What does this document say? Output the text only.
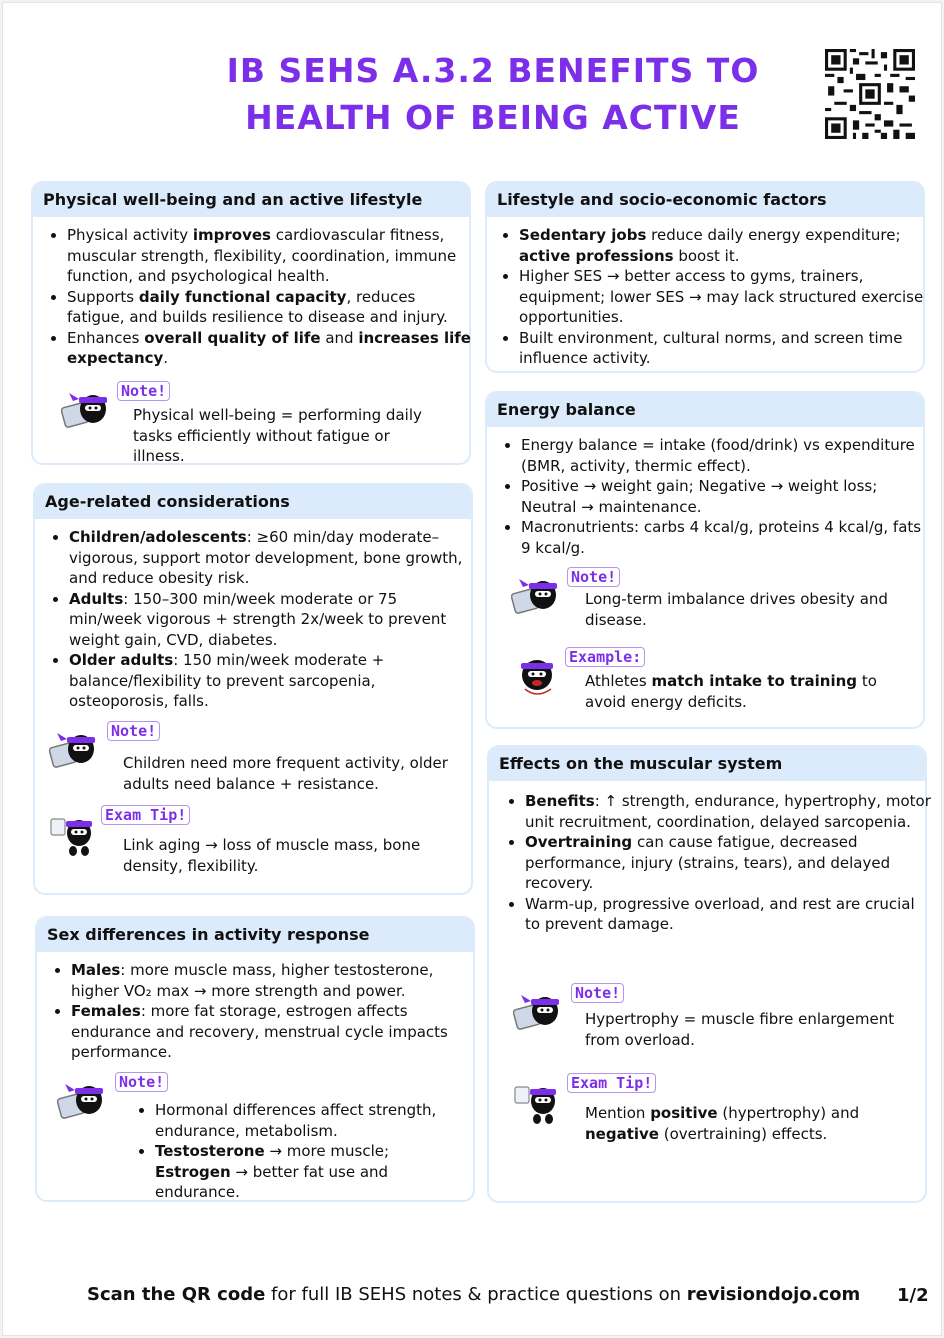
IB SEHS A.3.2 BENEFITS TO
HEALTH OF BEING ACTIVE
Physical well-being and an active lifestyle
• Physical activity improves cardiovascular fitness, muscular strength, flexibility, coordination, immune function, and psychological health.
• Supports daily functional capacity, reduces fatigue, and builds resilience to disease and injury.
• Enhances overall quality of life and increases life expectancy.
Note!
Physical well-being = performing daily tasks efficiently without fatigue or illness.
Age-related considerations
• Children/adolescents: ≥60 min/day moderate–vigorous, support motor development, bone growth, and reduce obesity risk.
• Adults: 150–300 min/week moderate or 75 min/week vigorous + strength 2x/week to prevent weight gain, CVD, diabetes.
• Older adults: 150 min/week moderate + balance/flexibility to prevent sarcopenia, osteoporosis, falls.
Note!
Children need more frequent activity, older adults need balance + resistance.
Exam Tip!
Link aging → loss of muscle mass, bone density, flexibility.
Sex differences in activity response
• Males: more muscle mass, higher testosterone, higher VO₂ max → more strength and power.
• Females: more fat storage, estrogen affects endurance and recovery, menstrual cycle impacts performance.
Note!
• Hormonal differences affect strength, endurance, metabolism.
• Testosterone → more muscle; Estrogen → better fat use and endurance.
Lifestyle and socio-economic factors
• Sedentary jobs reduce daily energy expenditure; active professions boost it.
• Higher SES → better access to gyms, trainers, equipment; lower SES → may lack structured exercise opportunities.
• Built environment, cultural norms, and screen time influence activity.
Energy balance
• Energy balance = intake (food/drink) vs expenditure (BMR, activity, thermic effect).
• Positive → weight gain; Negative → weight loss; Neutral → maintenance.
• Macronutrients: carbs 4 kcal/g, proteins 4 kcal/g, fats 9 kcal/g.
Note!
Long-term imbalance drives obesity and disease.
Example:
Athletes match intake to training to avoid energy deficits.
Effects on the muscular system
• Benefits: ↑ strength, endurance, hypertrophy, motor unit recruitment, coordination, delayed sarcopenia.
• Overtraining can cause fatigue, decreased performance, injury (strains, tears), and delayed recovery.
• Warm-up, progressive overload, and rest are crucial to prevent damage.
Note!
Hypertrophy = muscle fibre enlargement from overload.
Exam Tip!
Mention positive (hypertrophy) and negative (overtraining) effects.
Scan the QR code for full IB SEHS notes & practice questions on revisiondojo.com 1/2
